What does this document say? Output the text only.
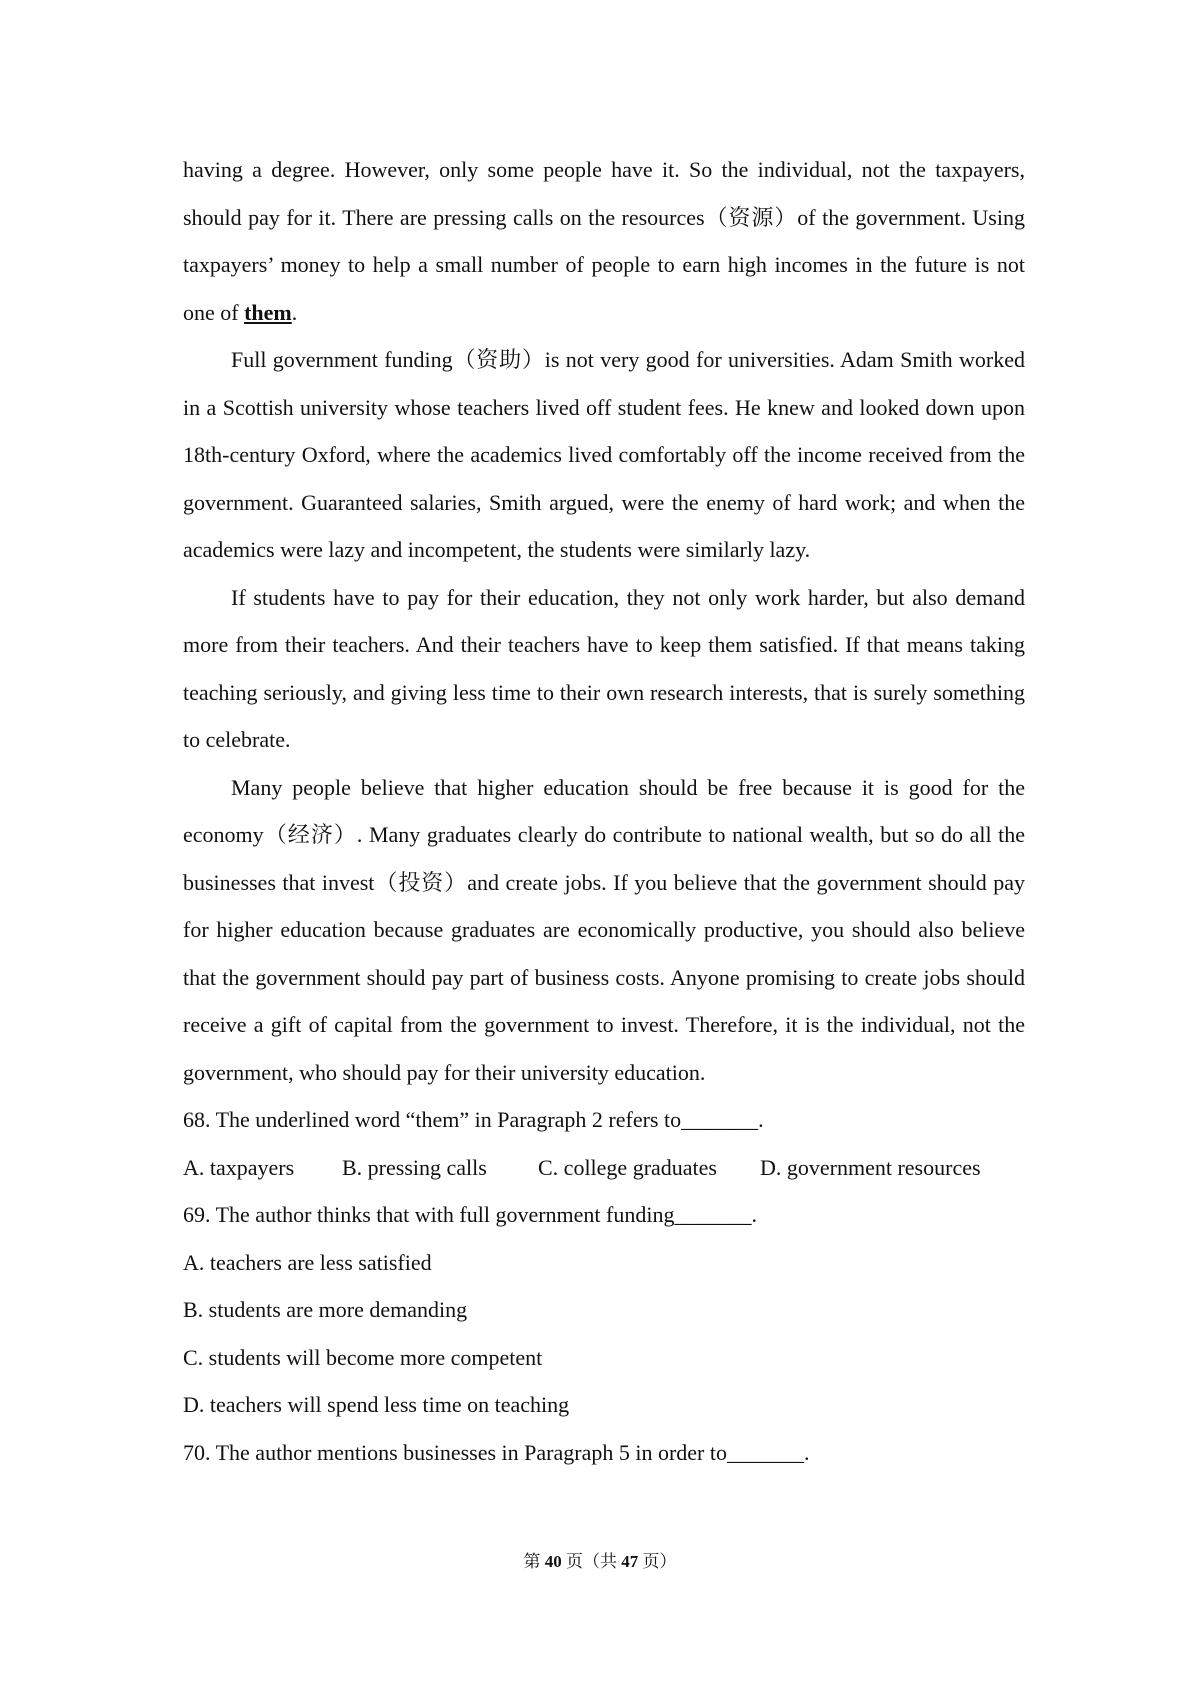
having a degree. However, only some people have it. So the individual, not the taxpayers, should pay for it. There are pressing calls on the resources（资源）of the government. Using taxpayers’ money to help a small number of people to earn high incomes in the future is not one of them.

Full government funding（资助）is not very good for universities. Adam Smith worked in a Scottish university whose teachers lived off student fees. He knew and looked down upon 18th-century Oxford, where the academics lived comfortably off the income received from the government. Guaranteed salaries, Smith argued, were the enemy of hard work; and when the academics were lazy and incompetent, the students were similarly lazy.

If students have to pay for their education, they not only work harder, but also demand more from their teachers. And their teachers have to keep them satisfied. If that means taking teaching seriously, and giving less time to their own research interests, that is surely something to celebrate.

Many people believe that higher education should be free because it is good for the economy（经济）. Many graduates clearly do contribute to national wealth, but so do all the businesses that invest（投资）and create jobs. If you believe that the government should pay for higher education because graduates are economically productive, you should also believe that the government should pay part of business costs. Anyone promising to create jobs should receive a gift of capital from the government to invest. Therefore, it is the individual, not the government, who should pay for their university education.

68. The underlined word “them” in Paragraph 2 refers to_______.

A. taxpayers	B. pressing calls	C. college graduates	D. government resources

69. The author thinks that with full government funding_______.

A. teachers are less satisfied

B. students are more demanding

C. students will become more competent

D. teachers will spend less time on teaching

70. The author mentions businesses in Paragraph 5 in order to_______.

第 40 页（共 47 页）
